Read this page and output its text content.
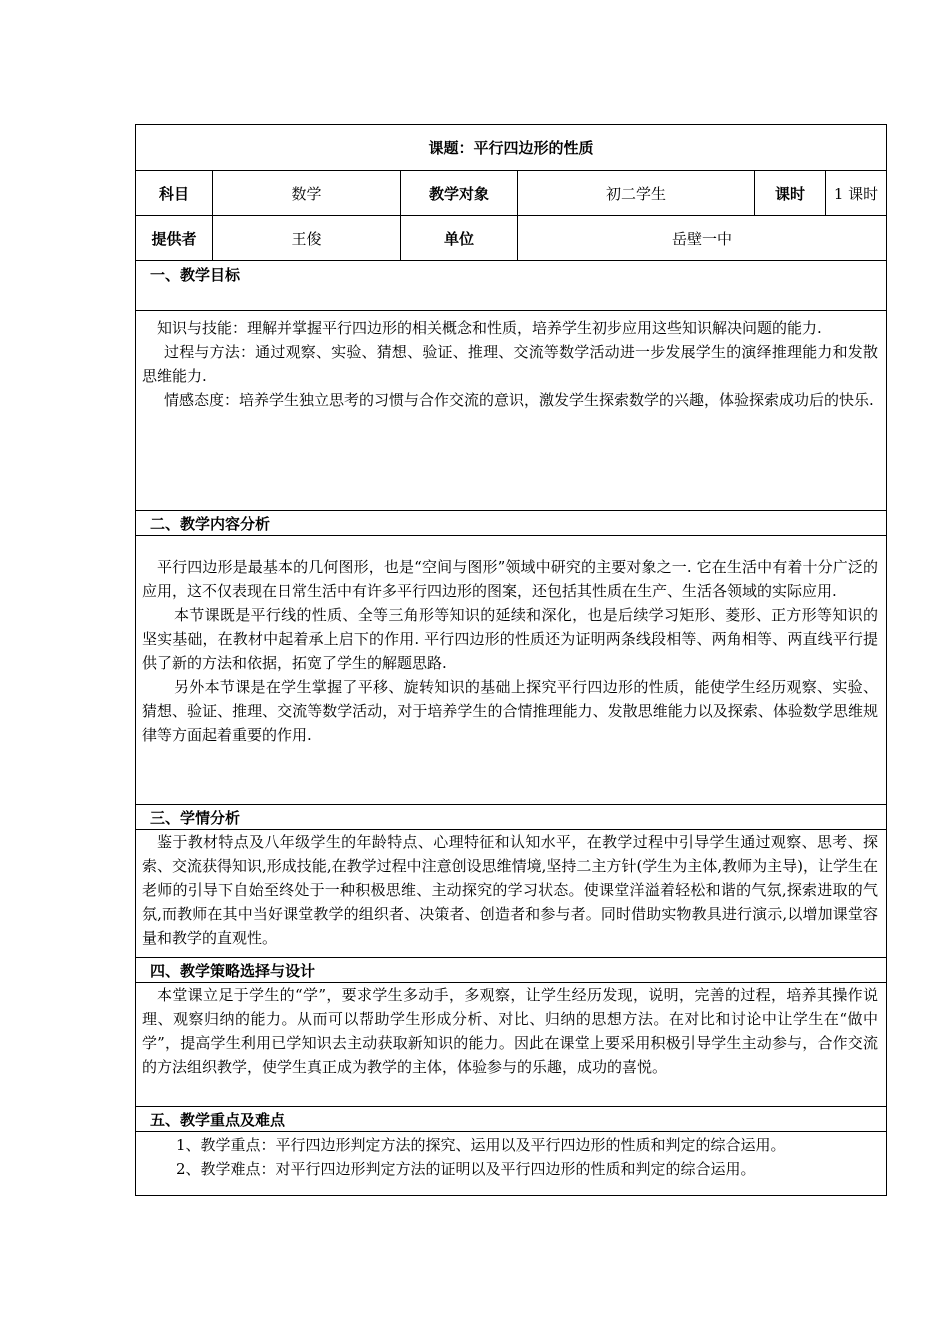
课题：平行四边形的性质
科目	数学	教学对象	初二学生	课时	1 课时
提供者	王俊	单位	岳壁一中
一、教学目标

知识与技能：理解并掌握平行四边形的相关概念和性质，培养学生初步应用这些知识解决问题的能力.

过程与方法：通过观察、实验、猜想、验证、推理、交流等数学活动进一步发展学生的演绎推理能力和发散思维能力.

情感态度：培养学生独立思考的习惯与合作交流的意识，激发学生探索数学的兴趣，体验探索成功后的快乐.

二、教学内容分析

平行四边形是最基本的几何图形，也是“空间与图形”领域中研究的主要对象之一. 它在生活中有着十分广泛的应用，这不仅表现在日常生活中有许多平行四边形的图案，还包括其性质在生产、生活各领域的实际应用.

本节课既是平行线的性质、全等三角形等知识的延续和深化，也是后续学习矩形、菱形、正方形等知识的坚实基础，在教材中起着承上启下的作用. 平行四边形的性质还为证明两条线段相等、两角相等、两直线平行提供了新的方法和依据，拓宽了学生的解题思路.

另外本节课是在学生掌握了平移、旋转知识的基础上探究平行四边形的性质，能使学生经历观察、实验、猜想、验证、推理、交流等数学活动，对于培养学生的合情推理能力、发散思维能力以及探索、体验数学思维规律等方面起着重要的作用.

三、学情分析

鉴于教材特点及八年级学生的年龄特点、心理特征和认知水平，在教学过程中引导学生通过观察、思考、探索、交流获得知识,形成技能,在教学过程中注意创设思维情境,坚持二主方针(学生为主体,教师为主导)，让学生在老师的引导下自始至终处于一种积极思维、主动探究的学习状态。使课堂洋溢着轻松和谐的气氛,探索进取的气氛,而教师在其中当好课堂教学的组织者、决策者、创造者和参与者。同时借助实物教具进行演示,以增加课堂容量和教学的直观性。

四、教学策略选择与设计

本堂课立足于学生的“学”，要求学生多动手，多观察，让学生经历发现，说明，完善的过程，培养其操作说理、观察归纳的能力。从而可以帮助学生形成分析、对比、归纳的思想方法。在对比和讨论中让学生在“做中学”，提高学生利用已学知识去主动获取新知识的能力。因此在课堂上要采用积极引导学生主动参与，合作交流的方法组织教学，使学生真正成为教学的主体，体验参与的乐趣，成功的喜悦。

五、教学重点及难点

1、教学重点：平行四边形判定方法的探究、运用以及平行四边形的性质和判定的综合运用。

2、教学难点：对平行四边形判定方法的证明以及平行四边形的性质和判定的综合运用。
